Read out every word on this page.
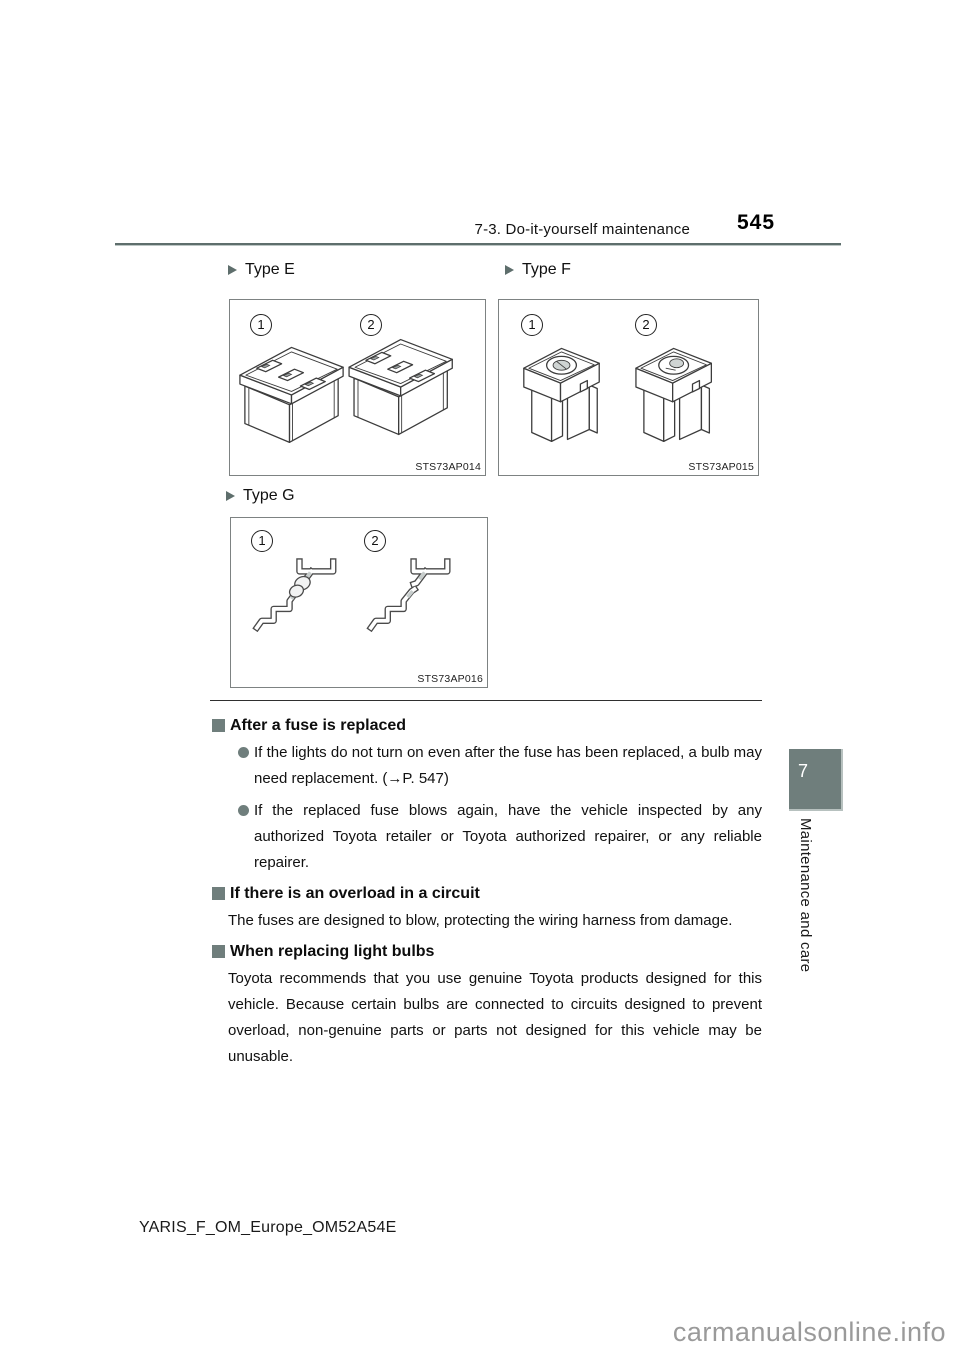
7-3. Do-it-yourself maintenance 545
Type E
1	2
STS73AP014
Type F
1	2
STS73AP015
Type G
1	2
STS73AP016
After a fuse is replaced
If the lights do not turn on even after the fuse has been replaced, a bulb may need replacement. (→P. 547)
If the replaced fuse blows again, have the vehicle inspected by any authorized Toyota retailer or Toyota authorized repairer, or any reliable repairer.
If there is an overload in a circuit
The fuses are designed to blow, protecting the wiring harness from damage.
When replacing light bulbs
Toyota recommends that you use genuine Toyota products designed for this vehicle. Because certain bulbs are connected to circuits designed to prevent overload, non-genuine parts or parts not designed for this vehicle may be unusable.
7
Maintenance and care
YARIS_F_OM_Europe_OM52A54E
carmanualsonline.info
